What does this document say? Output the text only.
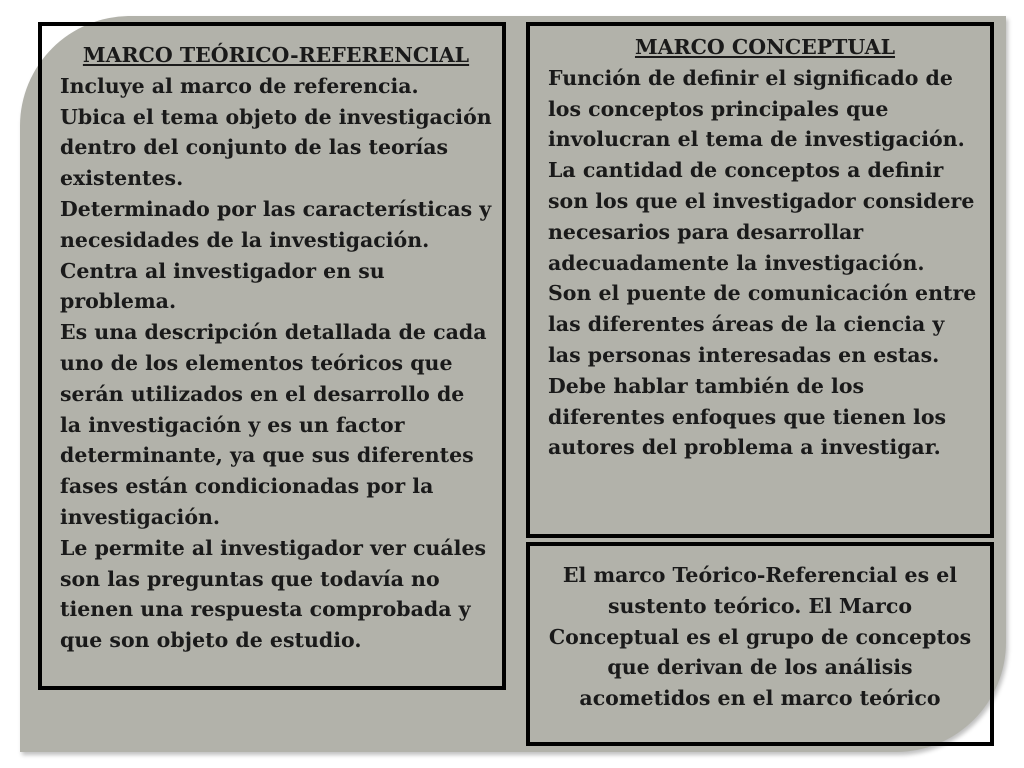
MARCO TEÓRICO-REFERENCIAL

Incluye al marco de referencia.

Ubica el tema objeto de investigación dentro del conjunto de las teorías existentes.

Determinado por las características y necesidades de la investigación.

Centra al investigador en su problema.

Es una descripción detallada de cada uno de los elementos teóricos que serán utilizados en el desarrollo de la investigación y es un factor determinante, ya que sus diferentes fases están condicionadas por la investigación.

Le permite al investigador ver cuáles son las preguntas que todavía no tienen una respuesta comprobada y que son objeto de estudio.

MARCO CONCEPTUAL

Función de definir el significado de los conceptos principales que involucran el tema de investigación.

La cantidad de conceptos a definir son los que el investigador considere necesarios para desarrollar adecuadamente la investigación.

Son el puente de comunicación entre las diferentes áreas de la ciencia y las personas interesadas en estas.

Debe hablar también de los diferentes enfoques que tienen los autores del problema a investigar.

El marco Teórico-Referencial es el sustento teórico. El Marco Conceptual es el grupo de conceptos que derivan de los análisis acometidos en el marco teórico
